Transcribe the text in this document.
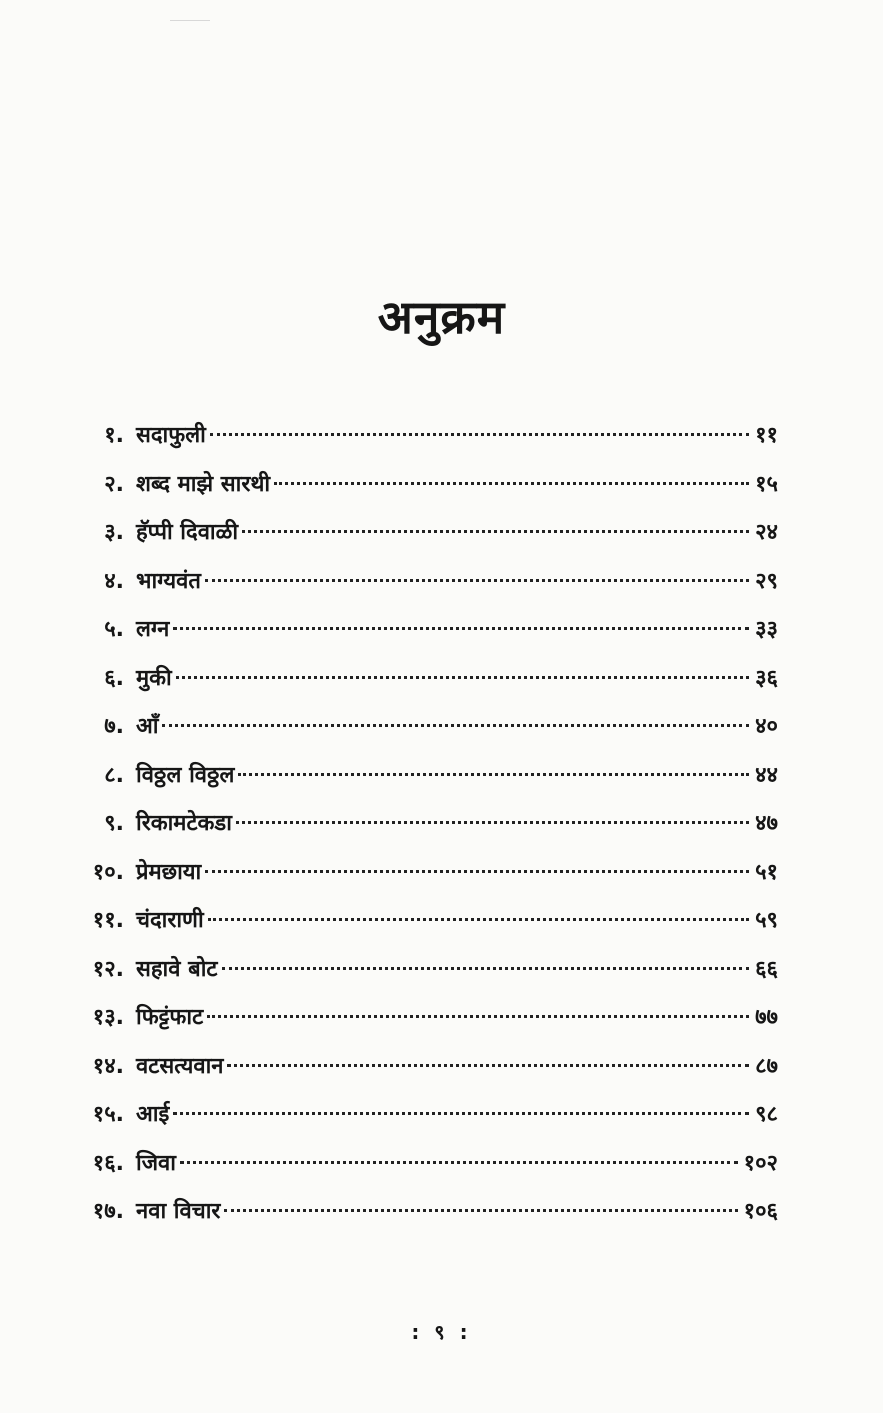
अनुक्रम
१. सदाफुली	११
२. शब्द माझे सारथी	१५
३. हॅप्पी दिवाळी	२४
४. भाग्यवंत	२९
५. लग्न	३३
६. मुकी	३६
७. आँ	४०
८. विठ्ठल विठ्ठल	४४
९. रिकामटेकडा	४७
१०. प्रेमछाया	५१
११. चंदाराणी	५९
१२. सहावे बोट	६६
१३. फिट्टंफाट	७७
१४. वटसत्यवान	८७
१५. आई	९८
१६. जिवा	१०२
१७. नवा विचार	१०६
: ९ :
